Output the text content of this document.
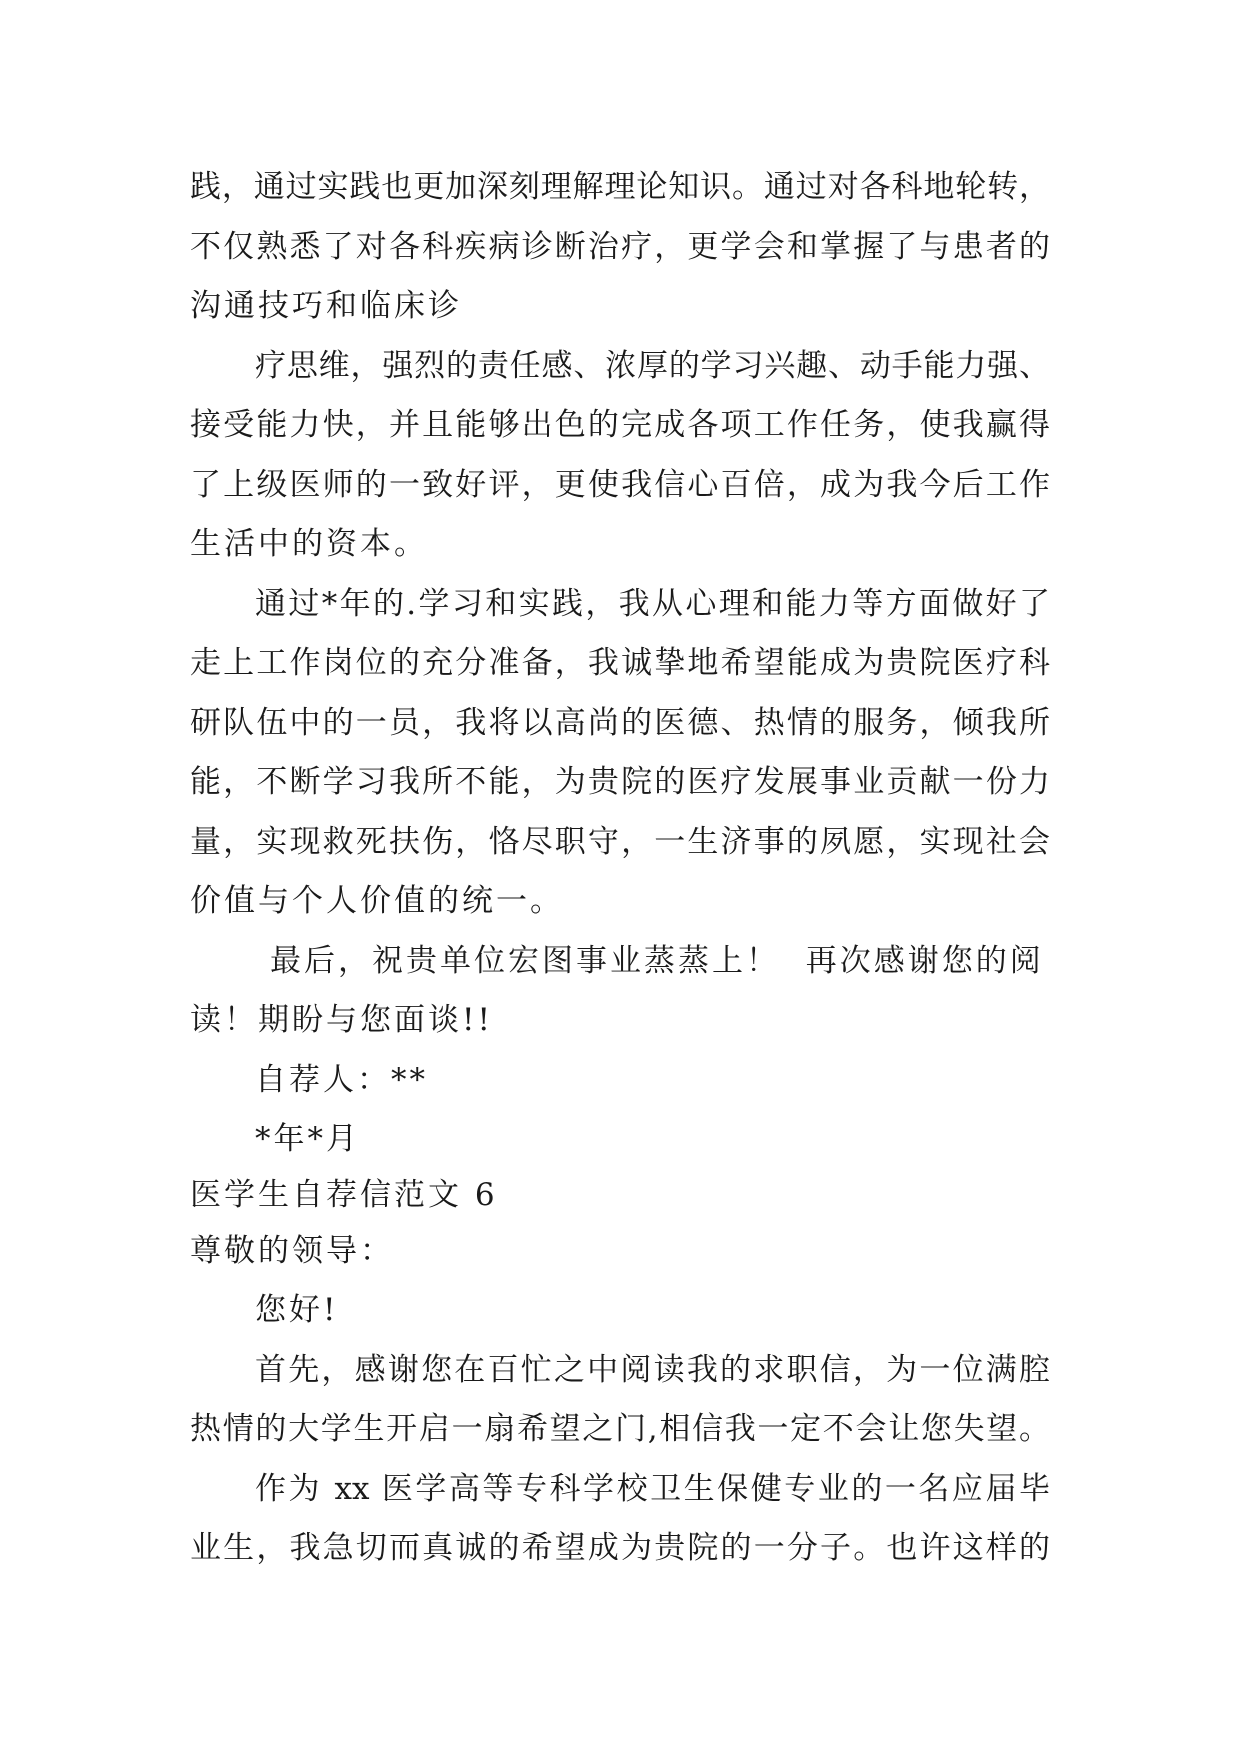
践，通过实践也更加深刻理解理论知识。通过对各科地轮转，
不仅熟悉了对各科疾病诊断治疗，更学会和掌握了与患者的
沟通技巧和临床诊
疗思维，强烈的责任感、浓厚的学习兴趣、动手能力强、
接受能力快，并且能够出色的完成各项工作任务，使我赢得
了上级医师的一致好评，更使我信心百倍，成为我今后工作
生活中的资本。
通过*年的.学习和实践，我从心理和能力等方面做好了
走上工作岗位的充分准备，我诚挚地希望能成为贵院医疗科
研队伍中的一员，我将以高尚的医德、热情的服务，倾我所
能，不断学习我所不能，为贵院的医疗发展事业贡献一份力
量，实现救死扶伤，恪尽职守，一生济事的夙愿，实现社会
价值与个人价值的统一。
最后，祝贵单位宏图事业蒸蒸上！  再次感谢您的阅
读！期盼与您面谈!!
自荐人：**
*年*月
医学生自荐信范文 6
尊敬的领导：
您好!
首先，感谢您在百忙之中阅读我的求职信，为一位满腔
热情的大学生开启一扇希望之门,相信我一定不会让您失望。
作为 xx 医学高等专科学校卫生保健专业的一名应届毕
业生，我急切而真诚的希望成为贵院的一分子。也许这样的
